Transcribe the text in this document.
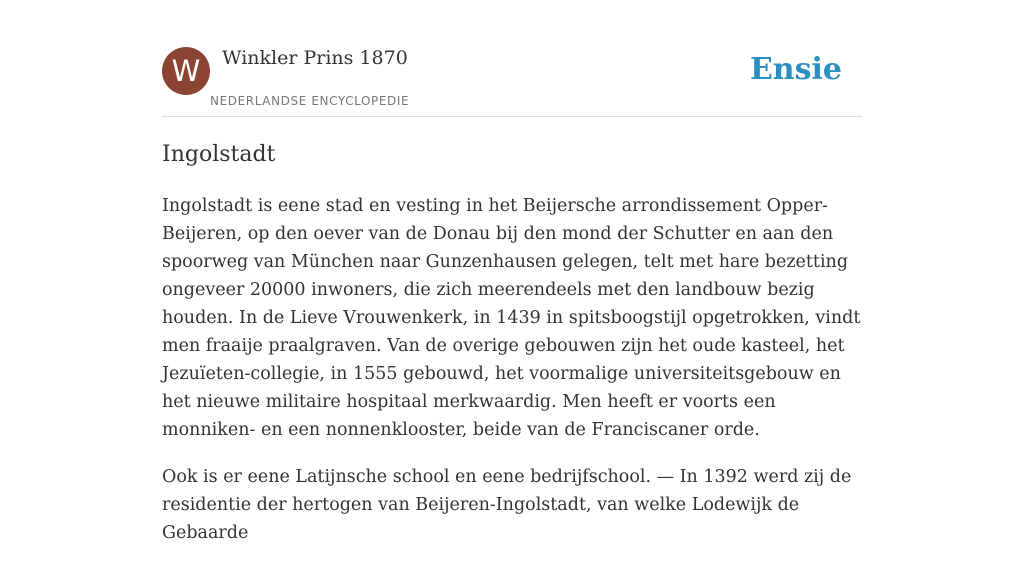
W	Winkler Prins 1870
NEDERLANDSE ENCYCLOPEDIE
Ensie
Ingolstadt

Ingolstadt is eene stad en vesting in het Beijersche arrondissement Opper-Beijeren, op den oever van de Donau bij den mond der Schutter en aan den spoorweg van München naar Gunzenhausen gelegen, telt met hare bezetting ongeveer 20000 inwoners, die zich meerendeels met den landbouw bezig houden. In de Lieve Vrouwenkerk, in 1439 in spitsboogstijl opgetrokken, vindt men fraaije praalgraven. Van de overige gebouwen zijn het oude kasteel, het Jezuïeten-collegie, in 1555 gebouwd, het voormalige universiteitsgebouw en het nieuwe militaire hospitaal merkwaardig. Men heeft er voorts een monniken- en een nonnenklooster, beide van de Franciscaner orde.

Ook is er eene Latijnsche school en eene bedrijfschool. — In 1392 werd zij de residentie der hertogen van Beijeren-Ingolstadt, van welke Lodewijk de Gebaarde
